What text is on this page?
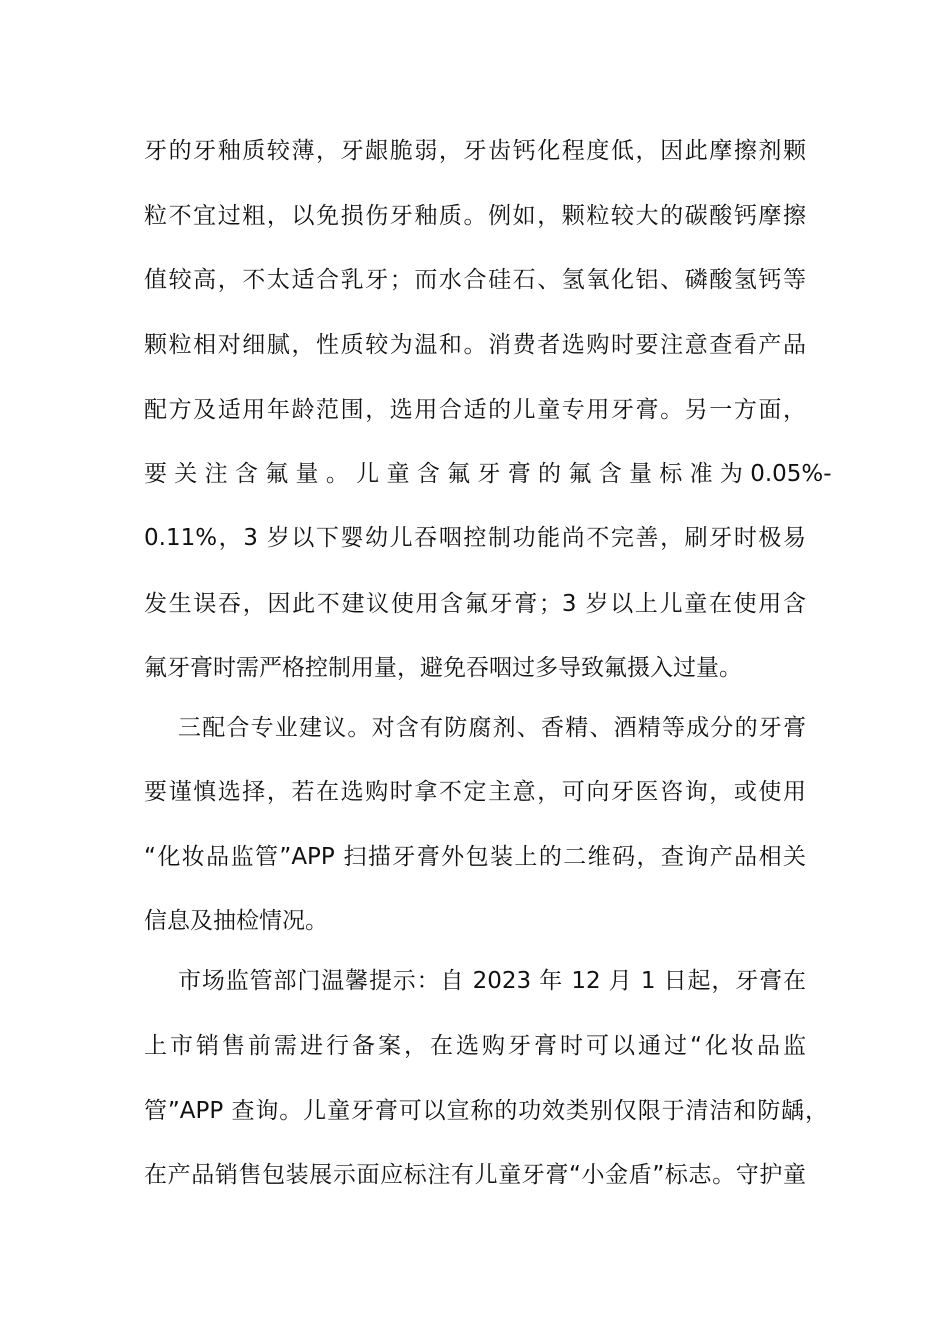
牙的牙釉质较薄，牙龈脆弱，牙齿钙化程度低，因此摩擦剂颗
粒不宜过粗，以免损伤牙釉质。例如，颗粒较大的碳酸钙摩擦
值较高，不太适合乳牙；而水合硅石、氢氧化铝、磷酸氢钙等
颗粒相对细腻，性质较为温和。消费者选购时要注意查看产品
配方及适用年龄范围，选用合适的儿童专用牙膏。另一方面，
要 关 注 含 氟 量 。 儿 童 含 氟 牙 膏 的 氟 含 量 标 准 为 0.05%-
0.11%，3 岁以下婴幼儿吞咽控制功能尚不完善，刷牙时极易
发生误吞，因此不建议使用含氟牙膏；3 岁以上儿童在使用含
氟牙膏时需严格控制用量，避免吞咽过多导致氟摄入过量。
三配合专业建议。对含有防腐剂、香精、酒精等成分的牙膏
要谨慎选择，若在选购时拿不定主意，可向牙医咨询，或使用
“化妆品监管”APP 扫描牙膏外包装上的二维码，查询产品相关
信息及抽检情况。
市场监管部门温馨提示：自 2023 年 12 月 1 日起，牙膏在
上市销售前需进行备案，在选购牙膏时可以通过“化妆品监
管”APP 查询。儿童牙膏可以宣称的功效类别仅限于清洁和防龋，
在产品销售包装展示面应标注有儿童牙膏“小金盾”标志。守护童
